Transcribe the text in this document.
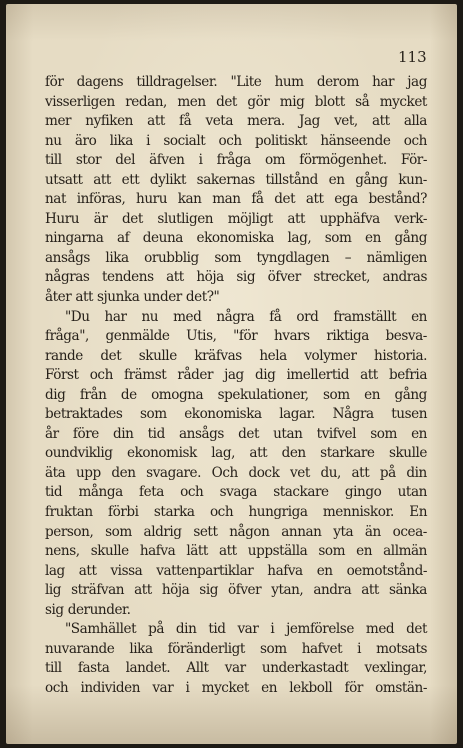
113
för dagens tilldragelser. "Lite hum derom har jag
visserligen redan, men det gör mig blott så mycket
mer nyfiken att få veta mera. Jag vet, att alla
nu äro lika i socialt och politiskt hänseende och
till stor del äfven i fråga om förmögenhet. För-
utsatt att ett dylikt sakernas tillstånd en gång kun-
nat införas, huru kan man få det att ega bestånd?
Huru är det slutligen möjligt att upphäfva verk-
ningarna af deuna ekonomiska lag, som en gång
ansågs lika orubblig som tyngdlagen – nämligen
någras tendens att höja sig öfver strecket, andras
åter att sjunka under det?"
"Du har nu med några få ord framställt en
fråga", genmälde Utis, "för hvars riktiga besva-
rande det skulle kräfvas hela volymer historia.
Först och främst råder jag dig imellertid att befria
dig från de omogna spekulationer, som en gång
betraktades som ekonomiska lagar. Några tusen
år före din tid ansågs det utan tvifvel som en
oundviklig ekonomisk lag, att den starkare skulle
äta upp den svagare. Och dock vet du, att på din
tid många feta och svaga stackare gingo utan
fruktan förbi starka och hungriga menniskor. En
person, som aldrig sett någon annan yta än ocea-
nens, skulle hafva lätt att uppställa som en allmän
lag att vissa vattenpartiklar hafva en oemotstånd-
lig sträfvan att höja sig öfver ytan, andra att sänka
sig derunder.
"Samhället på din tid var i jemförelse med det
nuvarande lika föränderligt som hafvet i motsats
till fasta landet. Allt var underkastadt vexlingar,
och individen var i mycket en lekboll för omstän-
